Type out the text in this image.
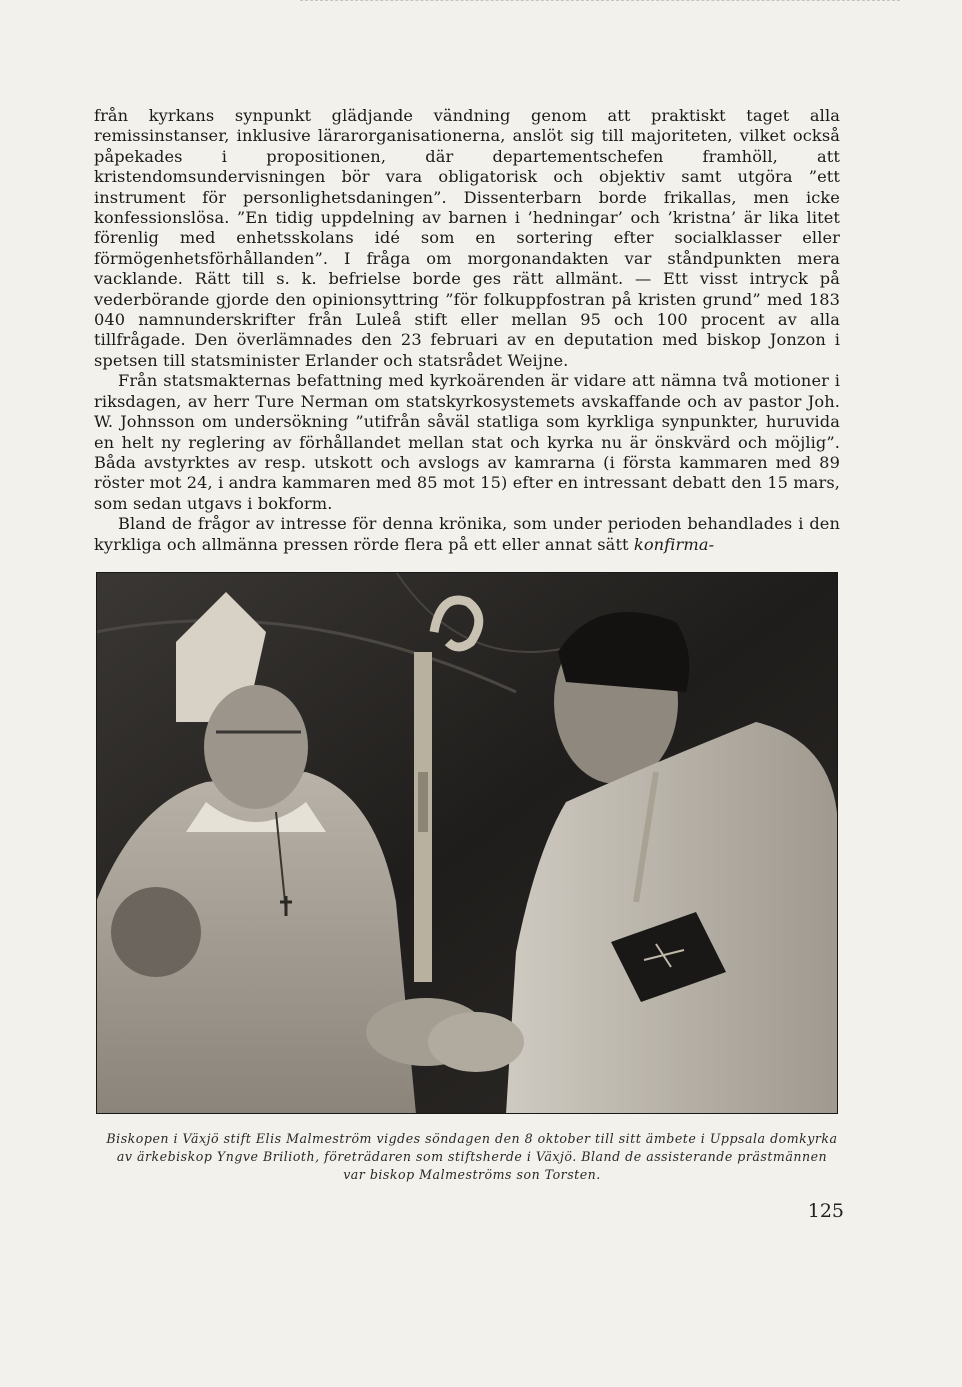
från kyrkans synpunkt glädjande vändning genom att praktiskt taget alla remissinstanser, inklusive lärarorganisationerna, anslöt sig till majoriteten, vilket också påpekades i propositionen, där departementschefen framhöll, att kristendomsundervisningen bör vara obligatorisk och objektiv samt utgöra ”ett instrument för personlighetsdaningen”. Dissenterbarn borde frikallas, men icke konfessionslösa. ”En tidig uppdelning av barnen i ’hedningar’ och ’kristna’ är lika litet förenlig med enhetsskolans idé som en sortering efter socialklasser eller förmögenhetsförhållanden”. I fråga om morgonandakten var ståndpunkten mera vacklande. Rätt till s. k. befrielse borde ges rätt allmänt. — Ett visst intryck på vederbörande gjorde den opinionsyttring ”för folkuppfostran på kristen grund” med 183 040 namnunderskrifter från Luleå stift eller mellan 95 och 100 procent av alla tillfrågade. Den överlämnades den 23 februari av en deputation med biskop Jonzon i spetsen till statsminister Erlander och statsrådet Weijne.

Från statsmakternas befattning med kyrkoärenden är vidare att nämna två motioner i riksdagen, av herr Ture Nerman om statskyrkosystemets avskaffande och av pastor Joh. W. Johnsson om undersökning ”utifrån såväl statliga som kyrkliga synpunkter, huruvida en helt ny reglering av förhållandet mellan stat och kyrka nu är önskvärd och möjlig”. Båda avstyrktes av resp. utskott och avslogs av kamrarna (i första kammaren med 89 röster mot 24, i andra kammaren med 85 mot 15) efter en intressant debatt den 15 mars, som sedan utgavs i bokform.

Bland de frågor av intresse för denna krönika, som under perioden behandlades i den kyrkliga och allmänna pressen rörde flera på ett eller annat sätt konfirma-

Biskopen i Växjö stift Elis Malmeström vigdes söndagen den 8 oktober till sitt ämbete i Uppsala domkyrka av ärkebiskop Yngve Brilioth, företrädaren som stiftsherde i Växjö. Bland de assisterande prästmännen var biskop Malmeströms son Torsten.
125
